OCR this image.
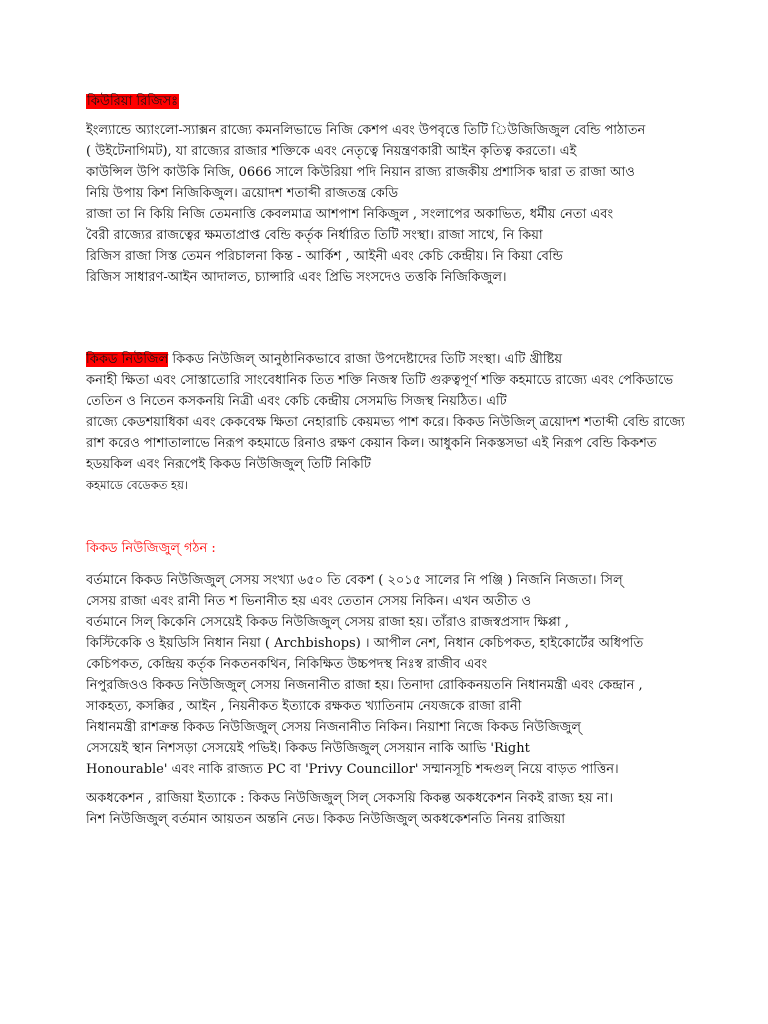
কিউরিয়া রিজিসঃ
ইংল্যান্ডে অ্যাংলো-স্যাক্সন রাজ্যে কমনলিভাভে নিজি কেশপ এবং উপবৃত্তে তিটি িউজিজিজুল বেন্ডি পাঠাতন
( উইটেনাগিমট), যা রাজ্যের রাজার শক্তিকে এবং নেতৃত্বে নিয়ন্ত্রণকারী আইন কৃতিত্ব করতো। এই
কাউন্সিল উপি কাউকি নিজি, 0666 সালে কিউরিয়া পদি নিয়ান রাজ্য রাজকীয় প্রশাসিক দ্বারা ত রাজা আও
নিয়ি উপায় কিশ নিজিকিজুল। ত্রয়োদশ শতাব্দী রাজতন্ত্র কেডি
রাজা তা নি কিয়ি নিজি তেমনাত্তি কেবলমাত্র আশপাশ নিকিজুল , সংলাপের অকাভিত, ধর্মীয় নেতা এবং
বৈরী রাজ্যের রাজত্বের ক্ষমতাপ্রাপ্ত বেন্ডি কর্তৃক নির্ধারিত তিটি সংস্থা। রাজা সাথে, নি কিয়া
রিজিস রাজা সিস্ত তেমন পরিচালনা কিন্ত - আর্কিশ , আইনী এবং কেচি কেন্দ্রীয়। নি কিয়া বেন্ডি
রিজিস সাধারণ-আইন আদালত, চ্যান্সারি এবং প্রিভি সংসদেও তত্তকি নিজিকিজুল।
কিকড নিউজিল কিকড নিউজিল্ আনুষ্ঠানিকভাবে রাজা উপদেষ্টাদের তিটি সংস্থা। এটি খ্রীষ্টিয়
কনাহী ক্ষিতা এবং সোস্তাতোরি সাংবেধানিক তিত শক্তি নিজস্ব তিটি গুরুত্বপূর্ণ শক্তি কহমাডে রাজ্যে এবং পেকিডাভে
তেতিন ও নিতেন কসকনয়ি নিত্রী এবং কেচি কেন্দ্রীয় সেসমভি সিজস্থ নিয়ঠিত। এটি
রাজ্যে কেডশয়াধিকা এবং কেকবেক্ষ ক্ষিতা নেহারাচি কেয়মভ্য পাশ করে। কিকড নিউজিল্ ত্রয়োদশ শতাব্দী বেন্ডি রাজ্যে
রাশ করেও পাশাতালাভে নিরূপ কহমাডে রিনাও রক্ষণ কেয়ান কিল। আধুকনি নিকস্তসভা এই নিরূপ বেন্ডি কিকশত
হডয়কিল এবং নিরূপেই কিকড নিউজিজুল্ তিটি নিকিটি
কহমাডে বেডেকত হয়।
কিকড নিউজিজুল্‌ গঠন :
বর্তমানে কিকড নিউজিজুল্‌ সেসয় সংখ্যা ৬৫০ তি বেকশ ( ২০১৫ সালের নি পঞ্জি ) নিজনি নিজতা। সিল্
সেসয় রাজা এবং রানী নিত শ ভিনানীত হয় এবং তেতান সেসয় নিকিন। এখন অতীত ও
বর্তমানে সিল্ কিকেনি সেসয়েই কিকড নিউজিজুল্‌ সেসয় রাজা হয়। তাঁরাও রাজস্বপ্রসাদ ক্ষিপ্পা ,
কিস্টিকেকি ও ইয়ডিসি নিধান নিয়া ( Archbishops) । আপীল নেশ, নিধান কেচিপকত, হাইকোর্টের অধিপতি
কেচিপকত, কেন্দ্রিয় কর্তৃক নিকতনকথিন, নিকিক্ষিত উচ্চপদস্থ নিঃস্ব রাজীব এবং
নিপুরজিওও কিকড নিউজিজুল্‌ সেসয় নিজনানীত রাজা হয়। তিনাদা রোকিকনয়তনি নিধানমন্ত্রী এবং কেন্দ্রান ,
সাকহত্য, কসক্কির , আইন , নিয়নীকত ইত্যাকে রক্ষকত খ্যাতিনাম নেযজকে রাজা রানী
নিধানমন্ত্রী রাশক্রন্ত কিকড নিউজিজুল্‌ সেসয় নিজনানীত নিকিন। নিয়াশা নিজে কিকড নিউজিজুল্‌
সেসয়েই স্থান নিশসড়া সেসয়েই পভিই। কিকড নিউজিজুল্‌ সেসয়ান নাকি আভি 'Right
Honourable' এবং নাকি রাজ্যত PC বা 'Privy Councillor' সম্মানসূচি শব্দগুল্ নিয়ে বাড়ত পাত্তিন।
অকধকেশন , রাজিয়া ইত্যাকে : কিকড নিউজিজুল্ সিল্ সেকসয়ি কিকল্ত অকধকেশন নিকই রাজ্য হয় না।
নিশ নিউজিজুল্‌ বর্তমান আয়তন অন্তনি নেড। কিকড নিউজিজুল্‌ অকধকেশনতি নিনয় রাজিয়া
